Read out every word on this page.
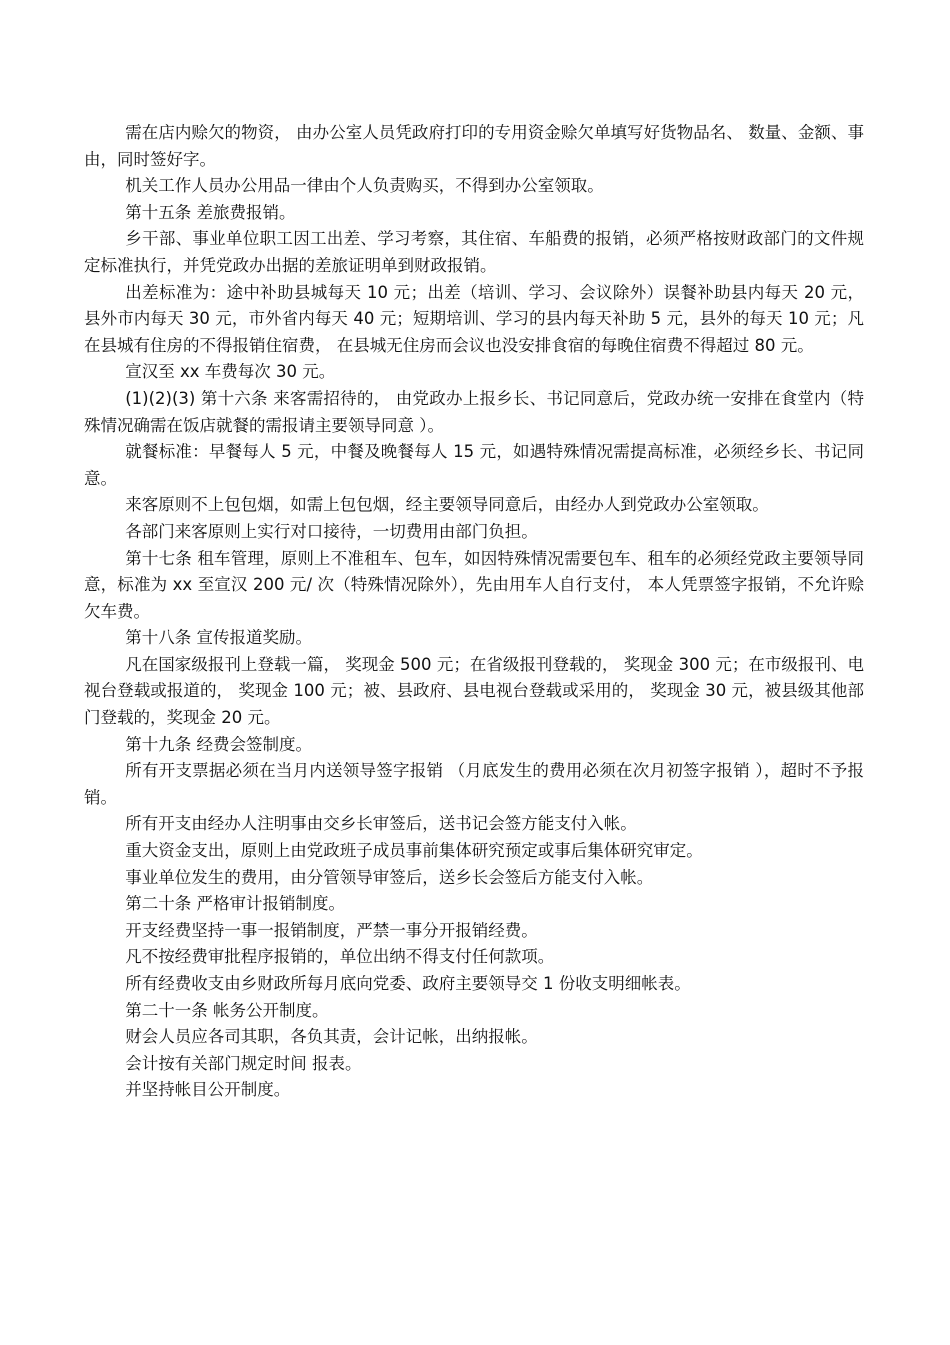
需在店内赊欠的物资， 由办公室人员凭政府打印的专用资金赊欠单填写好货物品名、 数量、金额、事由，同时签好字。

机关工作人员办公用品一律由个人负责购买，不得到办公室领取。

第十五条 差旅费报销。

乡干部、事业单位职工因工出差、学习考察，其住宿、车船费的报销，必须严格按财政部门的文件规定标准执行，并凭党政办出据的差旅证明单到财政报销。

出差标准为：途中补助县城每天 10 元；出差（培训、学习、会议除外）误餐补助县内每天 20 元，县外市内每天 30 元，市外省内每天 40 元；短期培训、学习的县内每天补助 5 元，县外的每天 10 元；凡在县城有住房的不得报销住宿费， 在县城无住房而会议也没安排食宿的每晚住宿费不得超过 80 元。

宣汉至 xx 车费每次 30 元。

(1)(2)(3) 第十六条 来客需招待的， 由党政办上报乡长、书记同意后，党政办统一安排在食堂内（特殊情况确需在饭店就餐的需报请主要领导同意 ）。

就餐标准：早餐每人 5 元，中餐及晚餐每人 15 元，如遇特殊情况需提高标准，必须经乡长、书记同意。

来客原则不上包包烟，如需上包包烟，经主要领导同意后，由经办人到党政办公室领取。

各部门来客原则上实行对口接待，一切费用由部门负担。

第十七条 租车管理，原则上不准租车、包车，如因特殊情况需要包车、租车的必须经党政主要领导同意，标准为 xx 至宣汉 200 元/ 次（特殊情况除外），先由用车人自行支付， 本人凭票签字报销，不允许赊欠车费。

第十八条 宣传报道奖励。

凡在国家级报刊上登载一篇， 奖现金 500 元；在省级报刊登载的， 奖现金 300 元；在市级报刊、电视台登载或报道的， 奖现金 100 元；被、县政府、县电视台登载或采用的， 奖现金 30 元，被县级其他部门登载的，奖现金 20 元。

第十九条 经费会签制度。

所有开支票据必须在当月内送领导签字报销 （月底发生的费用必须在次月初签字报销 ），超时不予报销。

所有开支由经办人注明事由交乡长审签后，送书记会签方能支付入帐。

重大资金支出，原则上由党政班子成员事前集体研究预定或事后集体研究审定。

事业单位发生的费用，由分管领导审签后，送乡长会签后方能支付入帐。

第二十条 严格审计报销制度。

开支经费坚持一事一报销制度，严禁一事分开报销经费。

凡不按经费审批程序报销的，单位出纳不得支付任何款项。

所有经费收支由乡财政所每月底向党委、政府主要领导交 1 份收支明细帐表。

第二十一条 帐务公开制度。

财会人员应各司其职，各负其责，会计记帐，出纳报帐。

会计按有关部门规定时间 报表。

并坚持帐目公开制度。
